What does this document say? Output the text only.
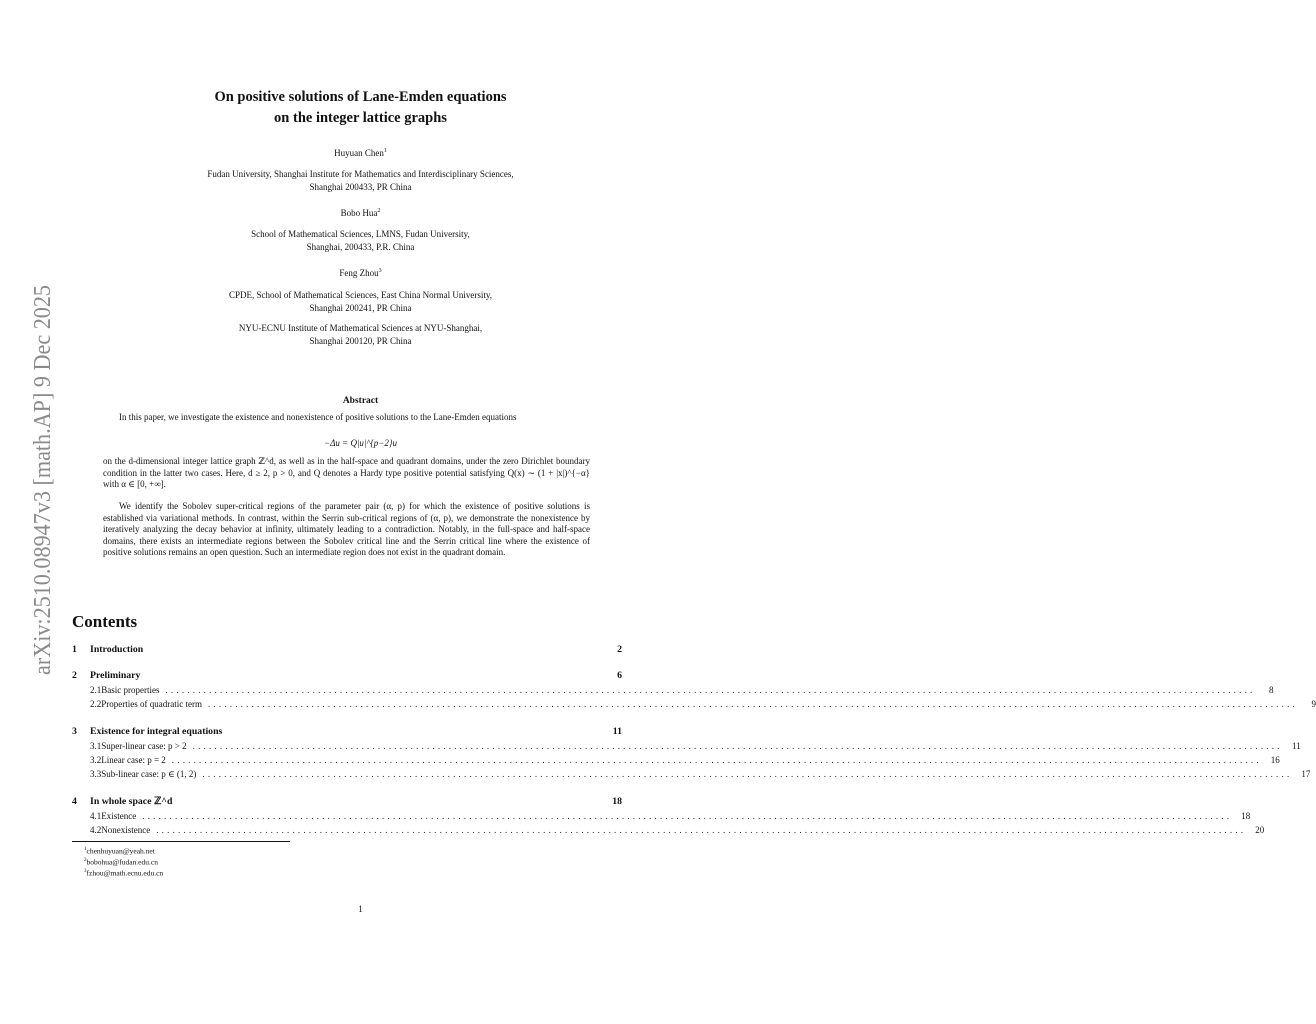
arXiv:2510.08947v3 [math.AP] 9 Dec 2025
On positive solutions of Lane-Emden equations
on the integer lattice graphs
Huyuan Chen$^1$
Fudan University, Shanghai Institute for Mathematics and Interdisciplinary Sciences,
Shanghai 200433, PR China
Bobo Hua$^2$
School of Mathematical Sciences, LMNS, Fudan University,
Shanghai, 200433, P.R. China
Feng Zhou$^3$
CPDE, School of Mathematical Sciences, East China Normal University,
Shanghai 200241, PR China
NYU-ECNU Institute of Mathematical Sciences at NYU-Shanghai,
Shanghai 200120, PR China
Abstract
In this paper, we investigate the existence and nonexistence of positive solutions to the Lane-Emden equations
−Δu = Q|u|^{p−2}u
on the d-dimensional integer lattice graph ℤ^d, as well as in the half-space and quadrant domains, under the zero Dirichlet boundary condition in the latter two cases. Here, d ≥ 2, p > 0, and Q denotes a Hardy type positive potential satisfying Q(x) ∼ (1 + |x|)^{−α} with α ∈ [0, +∞].
We identify the Sobolev super-critical regions of the parameter pair (α, p) for which the existence of positive solutions is established via variational methods. In contrast, within the Serrin sub-critical regions of (α, p), we demonstrate the nonexistence by iteratively analyzing the decay behavior at infinity, ultimately leading to a contradiction. Notably, in the full-space and half-space domains, there exists an intermediate regions between the Sobolev critical line and the Serrin critical line where the existence of positive solutions remains an open question. Such an intermediate region does not exist in the quadrant domain.
Contents
1	Introduction	2
2	Preliminary	6
2.1 Basic properties ........................................................................................................................................................................................................	8
2.2 Properties of quadratic term ........................................................................................................................................................................................................	9
3	Existence for integral equations	11
3.1 Super-linear case: p > 2 ........................................................................................................................................................................................................	11
3.2 Linear case: p = 2 ........................................................................................................................................................................................................	16
3.3 Sub-linear case: p ∈ (1, 2) ........................................................................................................................................................................................................	17
4	In whole space ℤ^d	18
4.1 Existence ........................................................................................................................................................................................................	18
4.2 Nonexistence ........................................................................................................................................................................................................	20
$^1$chenhuyuan@yeah.net
$^2$bobohua@fudan.edu.cn
$^3$fzhou@math.ecnu.edu.cn
1
